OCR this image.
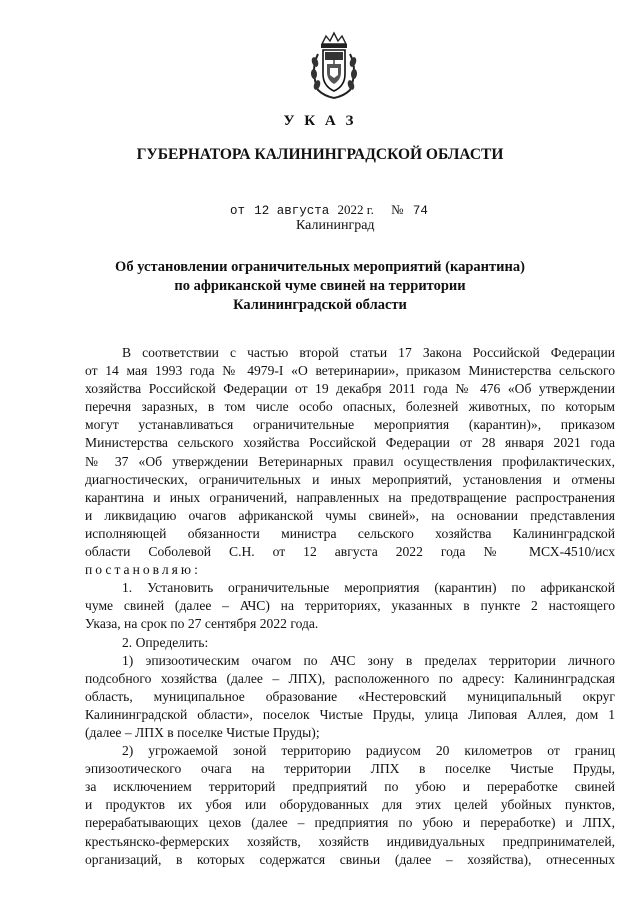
У К А З
ГУБЕРНАТОРА КАЛИНИНГРАДСКОЙ ОБЛАСТИ
от 12 августа 2022 г. № 74
Калининград
Об установлении ограничительных мероприятий (карантина)
по африканской чуме свиней на территории
Калининградской области
В соответствии с частью второй статьи 17 Закона Российской Федерации
от 14 мая 1993 года № 4979-I «О ветеринарии», приказом Министерства сельского
хозяйства Российской Федерации от 19 декабря 2011 года № 476 «Об утверждении
перечня заразных, в том числе особо опасных, болезней животных, по которым
могут устанавливаться ограничительные мероприятия (карантин)», приказом
Министерства сельского хозяйства Российской Федерации от 28 января 2021 года
№ 37 «Об утверждении Ветеринарных правил осуществления профилактических,
диагностических, ограничительных и иных мероприятий, установления и отмены
карантина и иных ограничений, направленных на предотвращение распространения
и ликвидацию очагов африканской чумы свиней», на основании представления
исполняющей обязанности министра сельского хозяйства Калининградской
области Соболевой С.Н. от 12 августа 2022 года № МСХ-4510/исх
постановляю:
1. Установить ограничительные мероприятия (карантин) по африканской
чуме свиней (далее – АЧС) на территориях, указанных в пункте 2 настоящего
Указа, на срок по 27 сентября 2022 года.
2. Определить:
1) эпизоотическим очагом по АЧС зону в пределах территории личного
подсобного хозяйства (далее – ЛПХ), расположенного по адресу: Калининградская
область, муниципальное образование «Нестеровский муниципальный округ
Калининградской области», поселок Чистые Пруды, улица Липовая Аллея, дом 1
(далее – ЛПХ в поселке Чистые Пруды);
2) угрожаемой зоной территорию радиусом 20 километров от границ
эпизоотического очага на территории ЛПХ в поселке Чистые Пруды,
за исключением территорий предприятий по убою и переработке свиней
и продуктов их убоя или оборудованных для этих целей убойных пунктов,
перерабатывающих цехов (далее – предприятия по убою и переработке) и ЛПХ,
крестьянско-фермерских хозяйств, хозяйств индивидуальных предпринимателей,
организаций, в которых содержатся свиньи (далее – хозяйства), отнесенных
